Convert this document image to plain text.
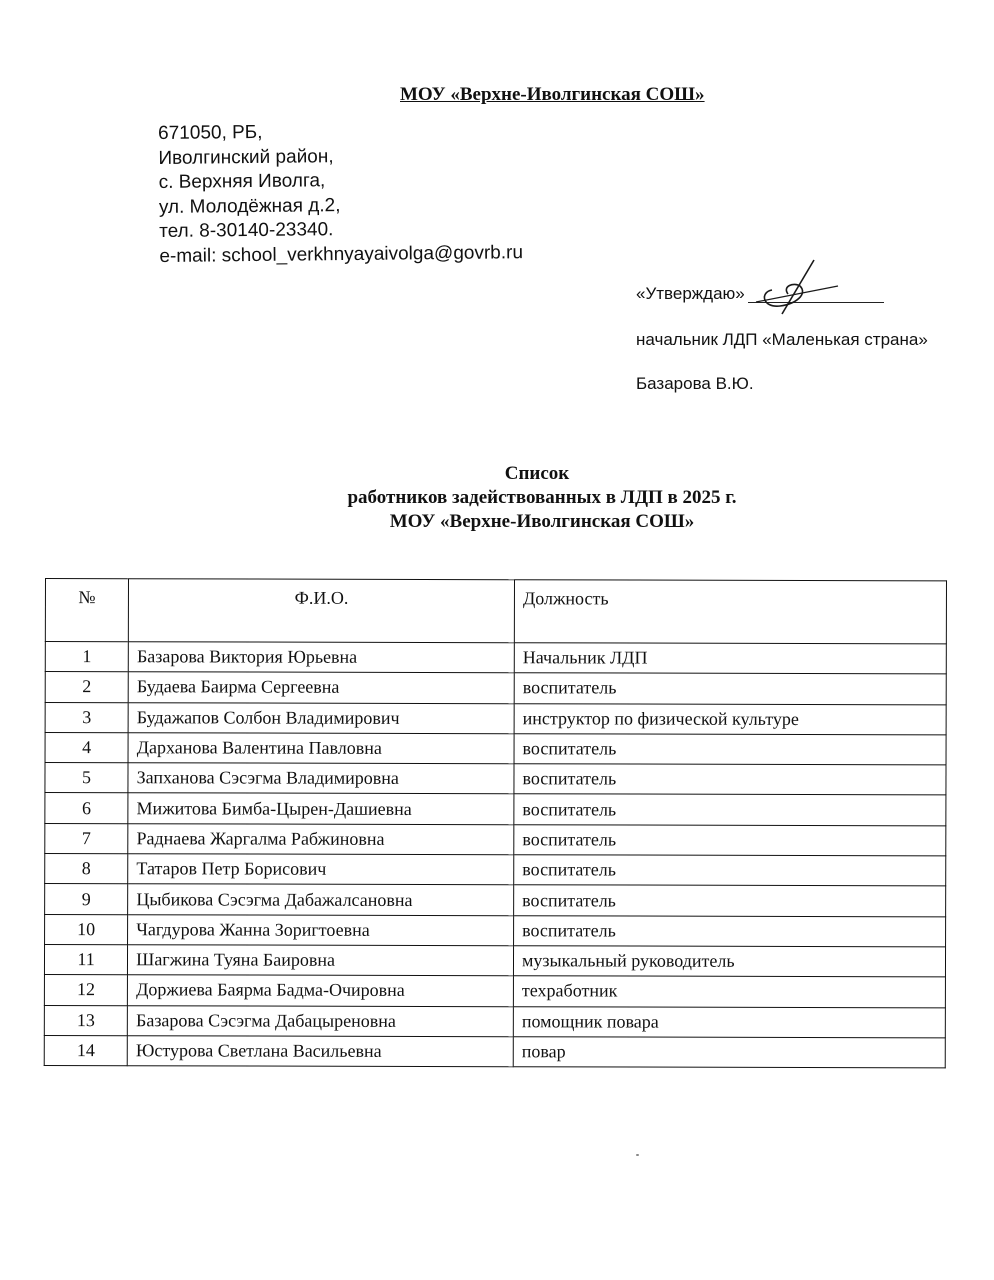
МОУ «Верхне-Иволгинская СОШ»
671050, РБ,
Иволгинский район,
с. Верхняя Иволга,
ул. Молодёжная д.2,
тел. 8-30140-23340.
e-mail: school_verkhnyayaivolga@govrb.ru
«Утверждаю»
начальник ЛДП «Маленькая страна»
Базарова В.Ю.
Список
работников задействованных в ЛДП в 2025 г.
МОУ «Верхне-Иволгинская СОШ»
№	Ф.И.О.	Должность
1	Базарова Виктория Юрьевна	Начальник ЛДП
2	Будаева Баирма Сергеевна	воспитатель
3	Будажапов Солбон Владимирович	инструктор по физической культуре
4	Дарханова Валентина Павловна	воспитатель
5	Запханова Сэсэгма Владимировна	воспитатель
6	Мижитова Бимба-Цырен-Дашиевна	воспитатель
7	Раднаева Жаргалма Рабжиновна	воспитатель
8	Татаров Петр Борисович	воспитатель
9	Цыбикова Сэсэгма Дабажалсановна	воспитатель
10	Чагдурова Жанна Зоригтоевна	воспитатель
11	Шагжина Туяна Баировна	музыкальный руководитель
12	Доржиева Баярма Бадма-Очировна	техработник
13	Базарова Сэсэгма Дабацыреновна	помощник повара
14	Юстурова Светлана Васильевна	повар
